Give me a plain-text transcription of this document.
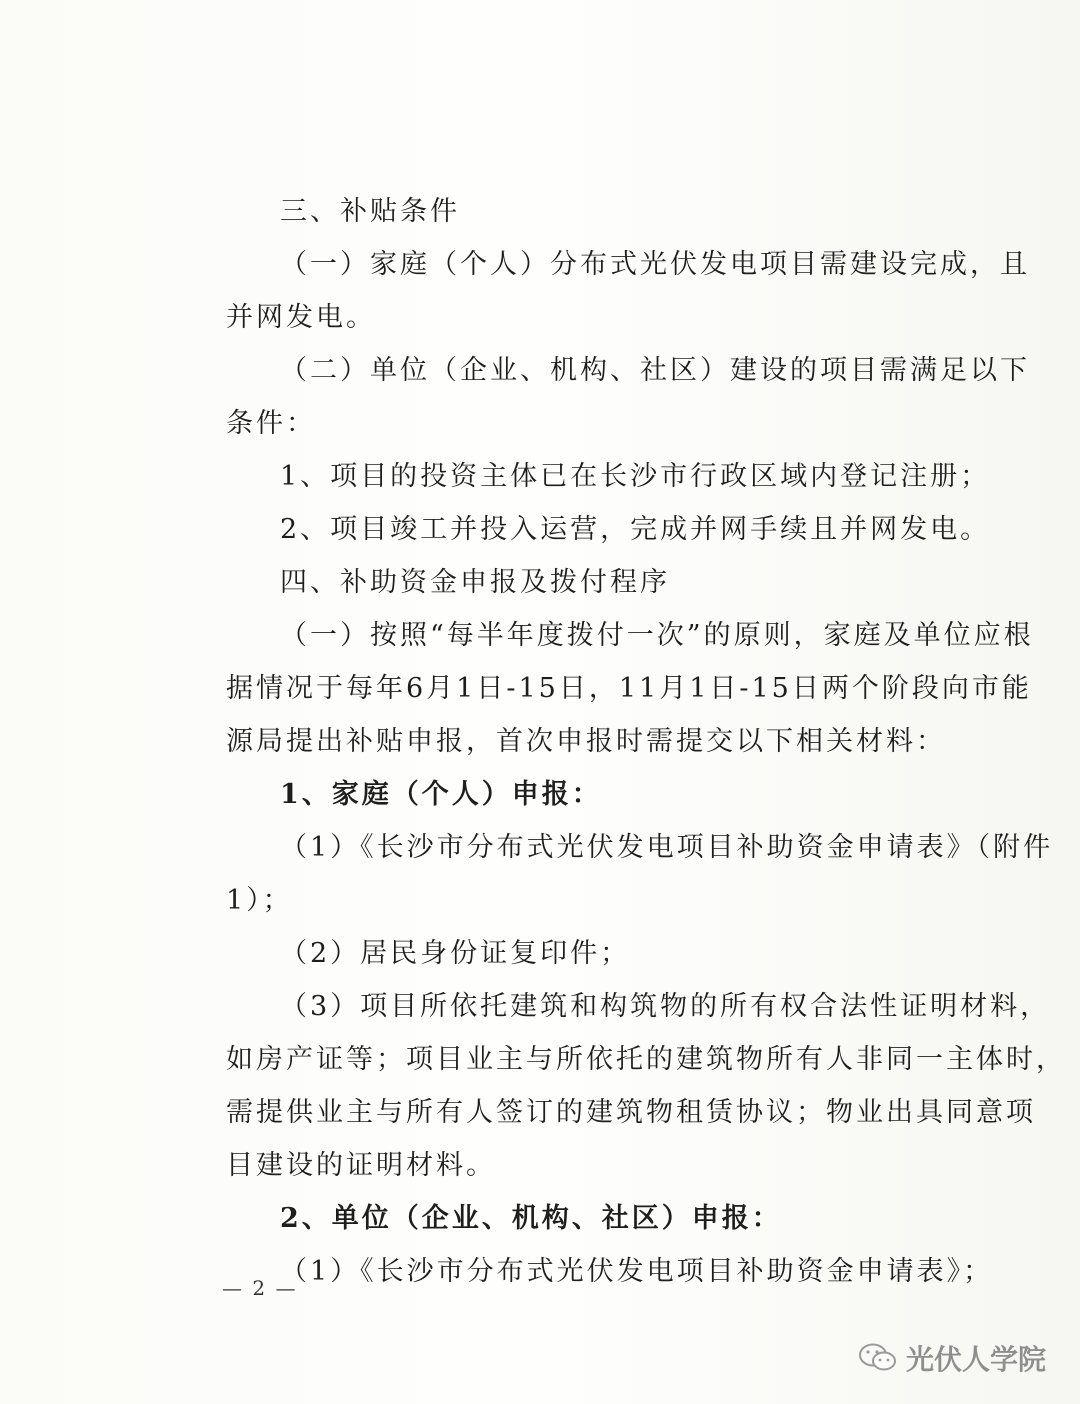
三、补贴条件
（一）家庭（个人）分布式光伏发电项目需建设完成，且
并网发电。
（二）单位（企业、机构、社区）建设的项目需满足以下
条件：
1、项目的投资主体已在长沙市行政区域内登记注册；
2、项目竣工并投入运营，完成并网手续且并网发电。
四、补助资金申报及拨付程序
（一）按照“每半年度拨付一次”的原则，家庭及单位应根
据情况于每年6月1日-15日，11月1日-15日两个阶段向市能
源局提出补贴申报，首次申报时需提交以下相关材料：
1、家庭（个人）申报：
（1）《长沙市分布式光伏发电项目补助资金申请表》（附件
1）；
（2）居民身份证复印件；
（3）项目所依托建筑和构筑物的所有权合法性证明材料，
如房产证等；项目业主与所依托的建筑物所有人非同一主体时，
需提供业主与所有人签订的建筑物租赁协议；物业出具同意项
目建设的证明材料。
2、单位（企业、机构、社区）申报：
（1）《长沙市分布式光伏发电项目补助资金申请表》；
— 2 —
光伏人学院
